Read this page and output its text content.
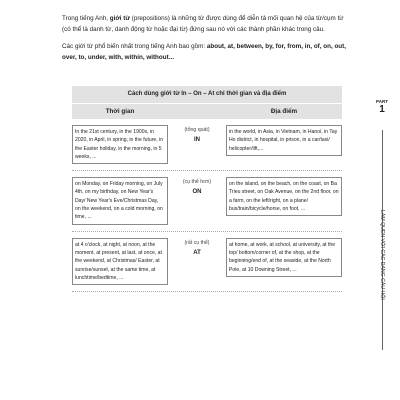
Trong tiếng Anh, giới từ (prepositions) là những từ được dùng để diễn tả mối quan hệ của từ/cụm từ (có thể là danh từ, danh động từ hoặc đại từ) đứng sau nó với các thành phần khác trong câu.

Các giới từ phổ biến nhất trong tiếng Anh bao gồm: about, at, between, by, for, from, in, of, on, out, over, to, under, with, within, without...

Cách dùng giới từ In – On – At chỉ thời gian và địa điểm
Thời gian	Địa điểm
In the 21st century, in the 1900s, in 2020, in April, in spring, in the future, in the Easter holiday, in the morning, in 5 weeks, ...
(tổng quát)
IN
in the world, in Asia, in Vietnam, in Hanoi, in Tay Ho district, in hospital, in prison, in a car/taxi/ helicopter/lift,...
on Monday, on Friday morning, on July 4th, on my birthday, on New Year's Day/ New Year's Eve/Christmas Day, on the weekend, on a cold morning, on time, ...
(cụ thể hơn)
ON
on the island, on the beach, on the coast, on Ba Trieu street, on Oak Avenue, on the 2nd floor, on a farm, on the left/right, on a plane/ bus/train/bicycle/horse, on foot, ...
at 4 o'clock, at night, at noon, at the moment, at present, at last, at once, at the weekend, at Christmas/ Easter, at sunrise/sunset, at the same time, at lunchtime/bedtime, ...
(rất cụ thể)
AT
at home, at work, at school, at university, at the top/ bottom/corner of, at the shop, at the beginning/end of, at the seaside, at the North Pole, at 10 Downing Street, ...
PART
1
LÀM QUEN VỚI CÁC DẠNG CÂU HỎI
